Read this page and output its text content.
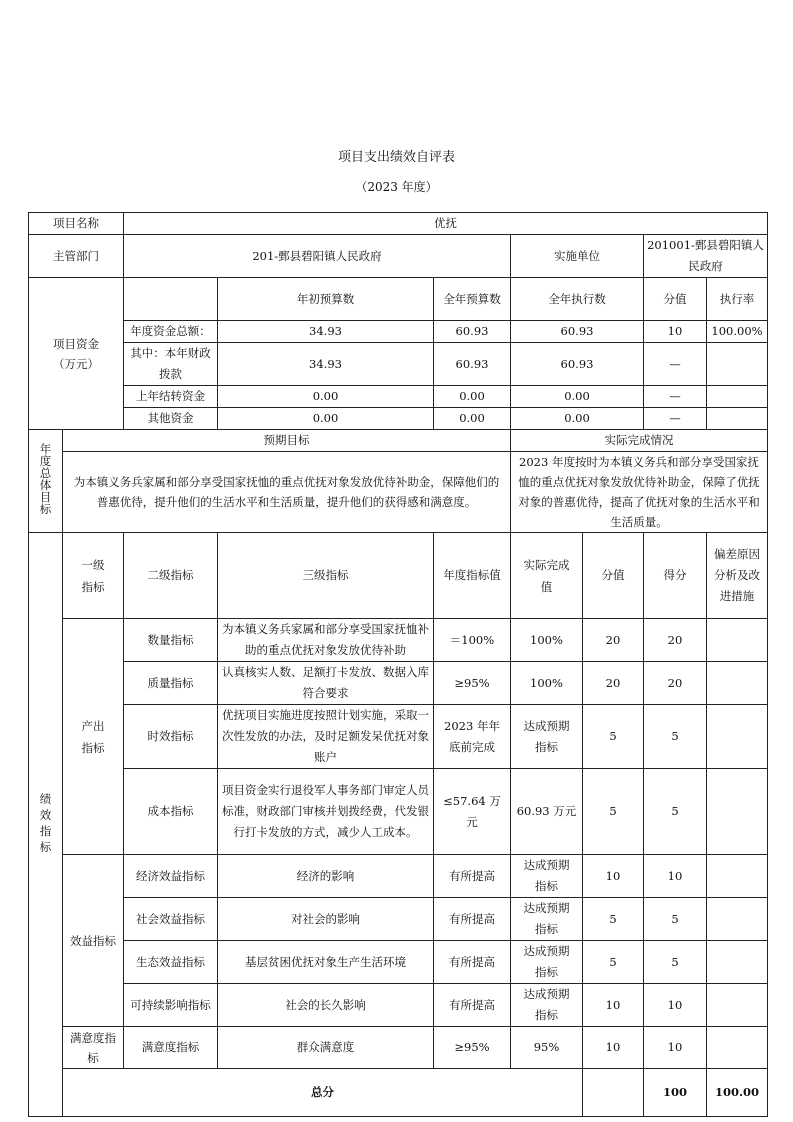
项目支出绩效自评表
（2023 年度）
项目名称		优抚							
主管部门		201-鄄县碧阳镇人民政府			实施单位		201001-鄄县碧阳镇人民政府		
项目资金
（万元）			年初预算数	全年预算数	全年执行数		分值	执行率	
		年度资金总额：	34.93	60.93	60.93		10	100.00%	
		其中：本年财政拨款	34.93	60.93	60.93		—		
		上年结转资金	0.00	0.00	0.00		—		
		其他资金	0.00	0.00	0.00		—		
年度总体目标	预期目标				实际完成情况				
	为本镇义务兵家属和部分享受国家抚恤的重点优抚对象发放优待补助金，保障他们的普惠优待，提升他们的生活水平和生活质量，提升他们的获得感和满意度。				2023 年度按时为本镇义务兵和部分享受国家抚恤的重点优抚对象发放优待补助金，保障了优抚对象的普惠优待，提高了优抚对象的生活水平和生活质量。				
绩效指标	一级指标	二级指标	三级指标	年度指标值	实际完成值	分值	得分	偏差原因分析及改进措施	
	产出指标	数量指标	为本镇义务兵家属和部分享受国家抚恤补助的重点优抚对象发放优待补助	＝100%	100%	20	20		
		质量指标	认真核实人数、足额打卡发放、数据入库符合要求	≥95%	100%	20	20		
		时效指标	优抚项目实施进度按照计划实施，采取一次性发放的办法，及时足额发呆优抚对象账户	2023 年年底前完成	达成预期指标	5	5		
		成本指标	项目资金实行退役军人事务部门审定人员标准，财政部门审核并划拨经费，代发银行打卡发放的方式，减少人工成本。	≤57.64 万元	60.93 万元	5	5		
	效益指标	经济效益指标	经济的影响	有所提高	达成预期指标	10	10		
		社会效益指标	对社会的影响	有所提高	达成预期指标	5	5		
		生态效益指标	基层贫困优抚对象生产生活环境	有所提高	达成预期指标	5	5		
		可持续影响指标	社会的长久影响	有所提高	达成预期指标	10	10		
	满意度指标	满意度指标	群众满意度	≥95%	95%	10	10		
	总分						100	100.00	
